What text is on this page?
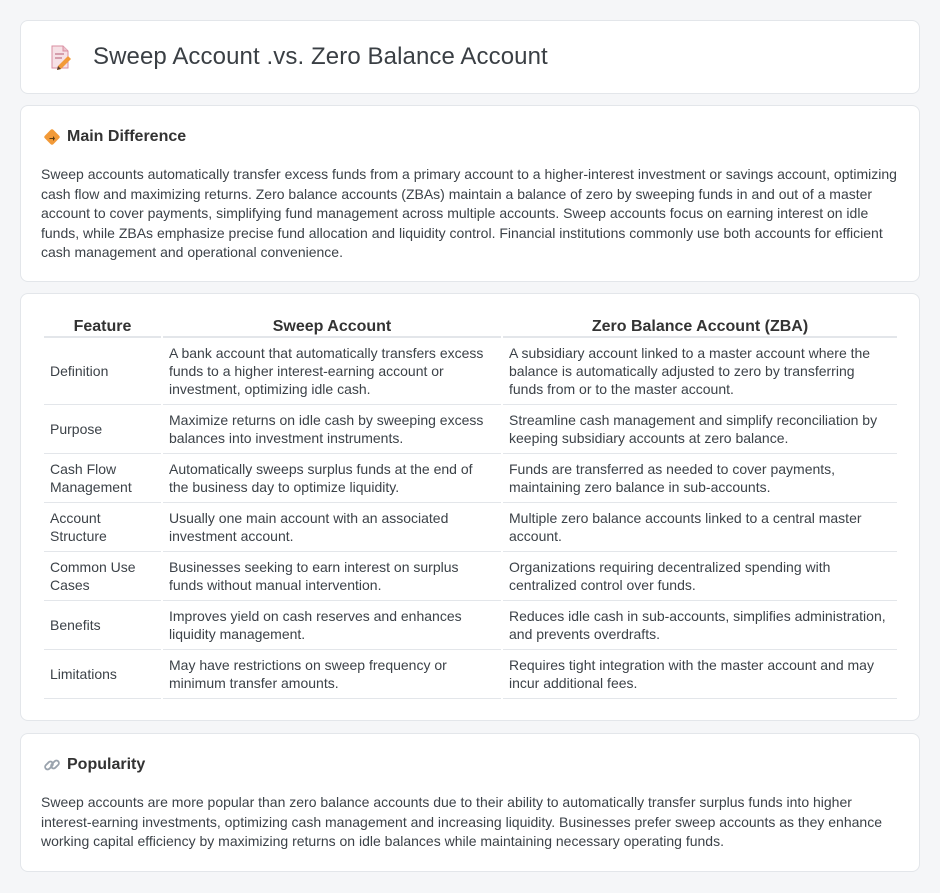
Sweep Account .vs. Zero Balance Account
Main Difference

Sweep accounts automatically transfer excess funds from a primary account to a higher-interest investment or savings account, optimizing cash flow and maximizing returns. Zero balance accounts (ZBAs) maintain a balance of zero by sweeping funds in and out of a master account to cover payments, simplifying fund management across multiple accounts. Sweep accounts focus on earning interest on idle funds, while ZBAs emphasize precise fund allocation and liquidity control. Financial institutions commonly use both accounts for efficient cash management and operational convenience.

Feature	Sweep Account	Zero Balance Account (ZBA)
Definition	A bank account that automatically transfers excess funds to a higher interest-earning account or investment, optimizing idle cash.	A subsidiary account linked to a master account where the balance is automatically adjusted to zero by transferring funds from or to the master account.
Purpose	Maximize returns on idle cash by sweeping excess balances into investment instruments.	Streamline cash management and simplify reconciliation by keeping subsidiary accounts at zero balance.
Cash Flow Management	Automatically sweeps surplus funds at the end of the business day to optimize liquidity.	Funds are transferred as needed to cover payments, maintaining zero balance in sub-accounts.
Account Structure	Usually one main account with an associated investment account.	Multiple zero balance accounts linked to a central master account.
Common Use Cases	Businesses seeking to earn interest on surplus funds without manual intervention.	Organizations requiring decentralized spending with centralized control over funds.
Benefits	Improves yield on cash reserves and enhances liquidity management.	Reduces idle cash in sub-accounts, simplifies administration, and prevents overdrafts.
Limitations	May have restrictions on sweep frequency or minimum transfer amounts.	Requires tight integration with the master account and may incur additional fees.
Popularity

Sweep accounts are more popular than zero balance accounts due to their ability to automatically transfer surplus funds into higher interest-earning investments, optimizing cash management and increasing liquidity. Businesses prefer sweep accounts as they enhance working capital efficiency by maximizing returns on idle balances while maintaining necessary operating funds.
